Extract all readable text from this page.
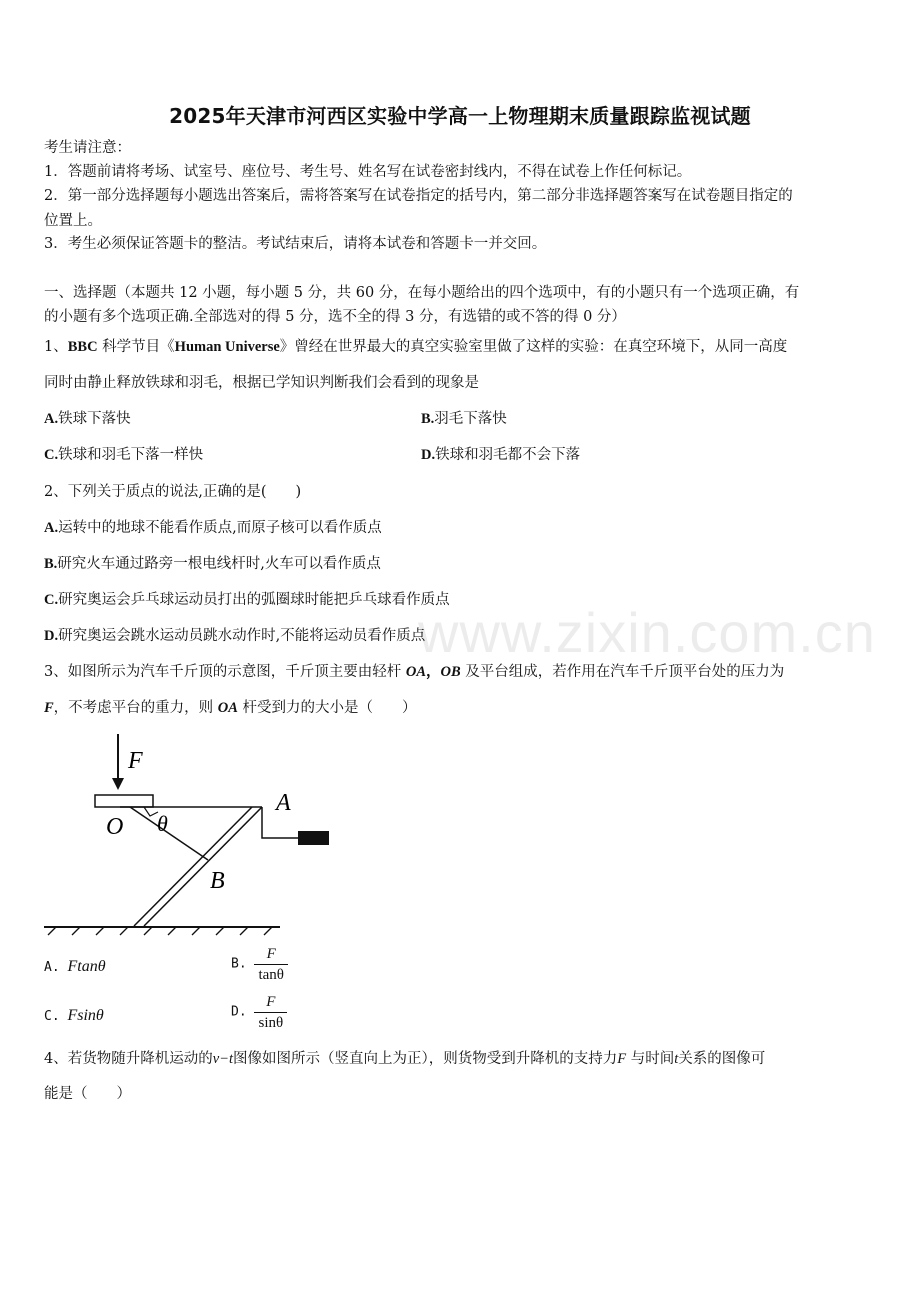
www.zixin.com.cn
2025年天津市河西区实验中学高一上物理期末质量跟踪监视试题
考生请注意：
1．答题前请将考场、试室号、座位号、考生号、姓名写在试卷密封线内，不得在试卷上作任何标记。
2．第一部分选择题每小题选出答案后，需将答案写在试卷指定的括号内，第二部分非选择题答案写在试卷题目指定的
位置上。
3．考生必须保证答题卡的整洁。考试结束后，请将本试卷和答题卡一并交回。
一、选择题（本题共 12 小题，每小题 5 分，共 60 分，在每小题给出的四个选项中，有的小题只有一个选项正确，有
的小题有多个选项正确.全部选对的得 5 分，选不全的得 3 分，有选错的或不答的得 0 分）
1、BBC 科学节目《Human Universe》曾经在世界最大的真空实验室里做了这样的实验：在真空环境下，从同一高度
同时由静止释放铁球和羽毛，根据已学知识判断我们会看到的现象是
A.铁球下落快	B.羽毛下落快
C.铁球和羽毛下落一样快	D.铁球和羽毛都不会下落
2、下列关于质点的说法,正确的是(　　)
A.运转中的地球不能看作质点,而原子核可以看作质点
B.研究火车通过路旁一根电线杆时,火车可以看作质点
C.研究奥运会乒乓球运动员打出的弧圈球时能把乒乓球看作质点
D.研究奥运会跳水运动员跳水动作时,不能将运动员看作质点
3、如图所示为汽车千斤顶的示意图，千斤顶主要由轻杆 OA，OB 及平台组成，若作用在汽车千斤顶平台处的压力为
F，不考虑平台的重力，则 OA 杆受到力的大小是（　　）
F
A
O θ
B
A. Ftanθ	B. $\frac{F}{\tan\theta}$
C. Fsinθ	D. $\frac{F}{\sin\theta}$
4、若货物随升降机运动的v−t图像如图所示（竖直向上为正），则货物受到升降机的支持力F 与时间t关系的图像可
能是（　　）
